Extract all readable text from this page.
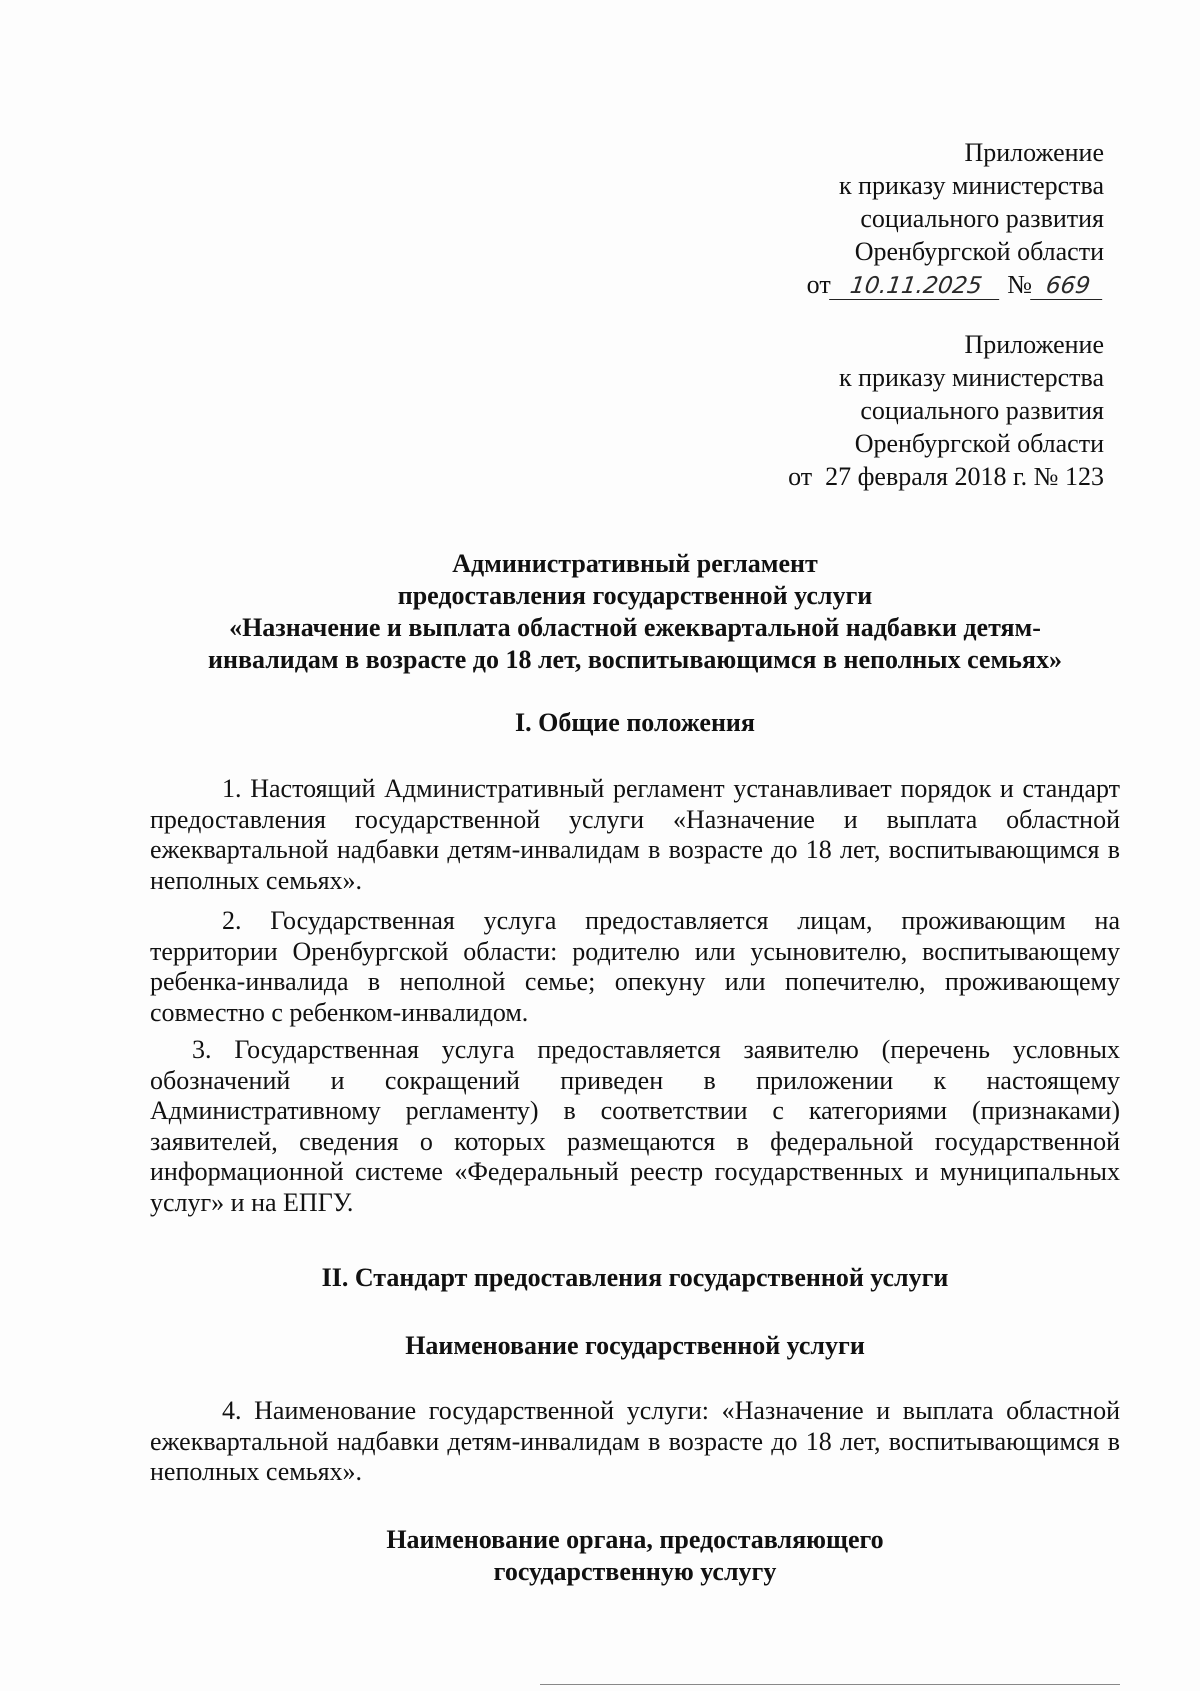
Приложение
к приказу министерства
социального развития
Оренбургской области
от 10.11.2025 № 669
Приложение
к приказу министерства
социального развития
Оренбургской области
от  27 февраля 2018 г. № 123
Административный регламент
предоставления государственной услуги
«Назначение и выплата областной ежеквартальной надбавки детям-
инвалидам в возрасте до 18 лет, воспитывающимся в неполных семьях»
I. Общие положения

1. Настоящий Административный регламент устанавливает порядок и стандарт предоставления государственной услуги «Назначение и выплата областной ежеквартальной надбавки детям-инвалидам в возрасте до 18 лет, воспитывающимся в неполных семьях».

2. Государственная услуга предоставляется лицам, проживающим на территории Оренбургской области: родителю или усыновителю, воспитывающему ребенка-инвалида в неполной семье; опекуну или попечителю, проживающему совместно с ребенком-инвалидом.

3. Государственная услуга предоставляется заявителю (перечень условных обозначений и сокращений приведен в приложении к настоящему Административному регламенту) в соответствии с категориями (признаками) заявителей, сведения о которых размещаются в федеральной государственной информационной системе «Федеральный реестр государственных и муниципальных услуг» и на ЕПГУ.

II. Стандарт предоставления государственной услуги
Наименование государственной услуги

4. Наименование государственной услуги: «Назначение и выплата областной ежеквартальной надбавки детям-инвалидам в возрасте до 18 лет, воспитывающимся в неполных семьях».

Наименование органа, предоставляющего
государственную услугу
